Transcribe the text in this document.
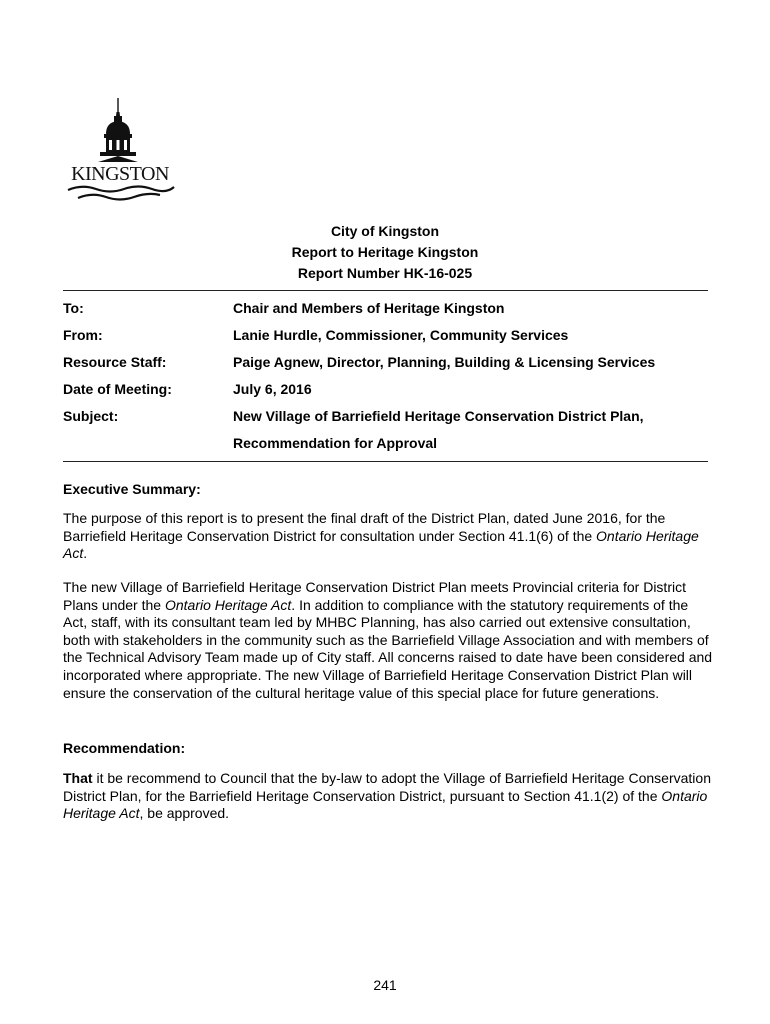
KINGSTON
City of Kingston
Report to Heritage Kingston
Report Number HK-16-025
To:	Chair and Members of Heritage Kingston
From:	Lanie Hurdle, Commissioner, Community Services
Resource Staff:	Paige Agnew, Director, Planning, Building & Licensing Services
Date of Meeting:	July 6, 2016
Subject:	New Village of Barriefield Heritage Conservation District Plan,
Recommendation for Approval
Executive Summary:
The purpose of this report is to present the final draft of the District Plan, dated June 2016, for the Barriefield Heritage Conservation District for consultation under Section 41.1(6) of the Ontario Heritage Act.
The new Village of Barriefield Heritage Conservation District Plan meets Provincial criteria for District Plans under the Ontario Heritage Act. In addition to compliance with the statutory requirements of the Act, staff, with its consultant team led by MHBC Planning, has also carried out extensive consultation, both with stakeholders in the community such as the Barriefield Village Association and with members of the Technical Advisory Team made up of City staff. All concerns raised to date have been considered and incorporated where appropriate. The new Village of Barriefield Heritage Conservation District Plan will ensure the conservation of the cultural heritage value of this special place for future generations.
Recommendation:
That it be recommend to Council that the by-law to adopt the Village of Barriefield Heritage Conservation District Plan, for the Barriefield Heritage Conservation District, pursuant to Section 41.1(2) of the Ontario Heritage Act, be approved.
241
